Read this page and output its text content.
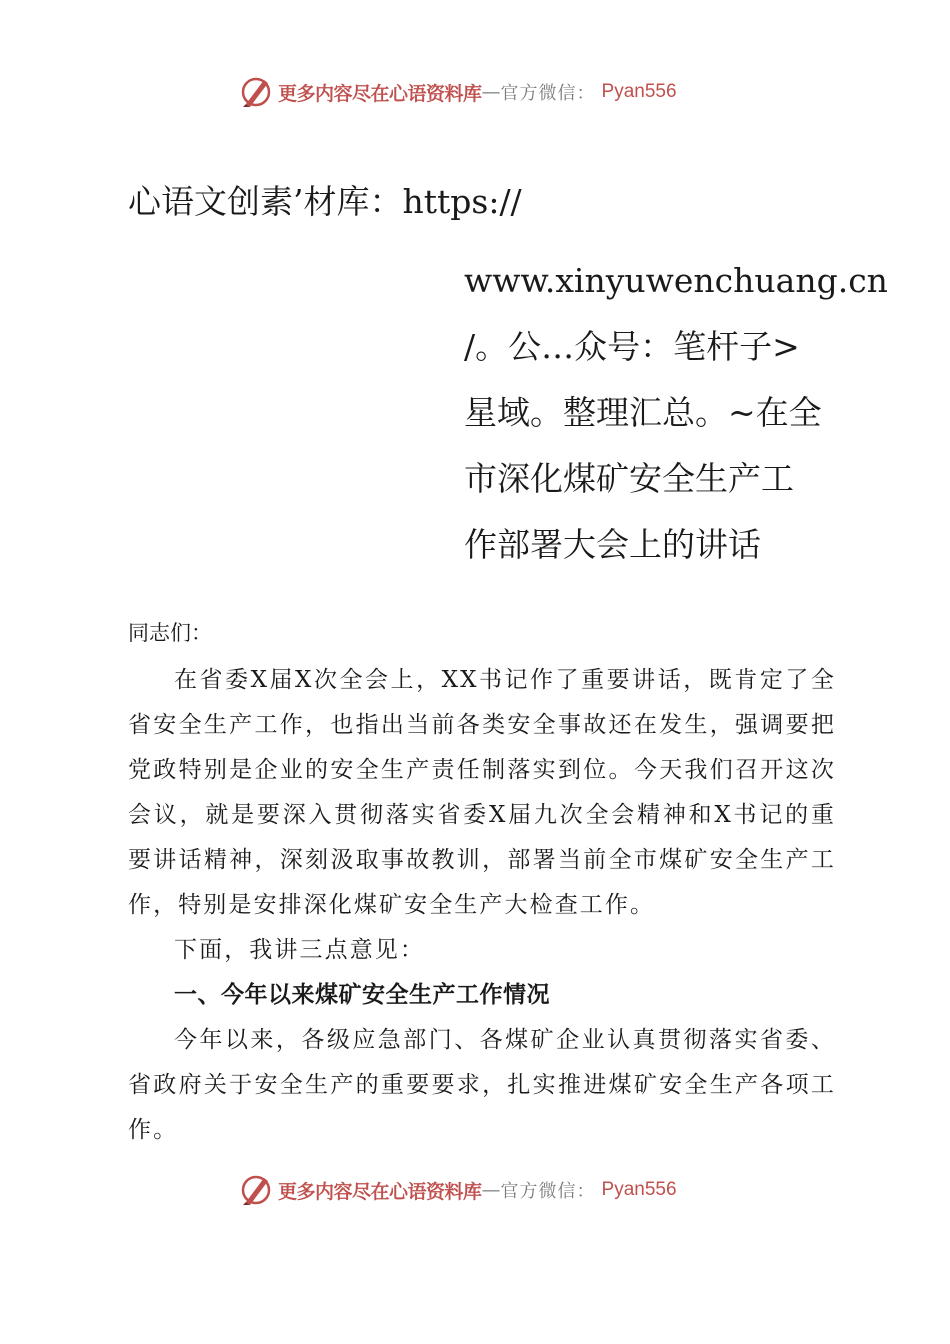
更多内容尽在心语资料库 — 官方微信： Pyan556
心语文创素’材库：https://
www.xinyuwenchuang.cn
/。公…众号：笔杆子>
星域。整理汇总。~在全
市深化煤矿安全生产工
作部署大会上的讲话
同志们：

在省委X届X次全会上，XX书记作了重要讲话，既肯定了全省安全生产工作，也指出当前各类安全事故还在发生，强调要把党政特别是企业的安全生产责任制落实到位。今天我们召开这次会议，就是要深入贯彻落实省委X届九次全会精神和X书记的重要讲话精神，深刻汲取事故教训，部署当前全市煤矿安全生产工作，特别是安排深化煤矿安全生产大检查工作。

下面，我讲三点意见：

一、今年以来煤矿安全生产工作情况

今年以来，各级应急部门、各煤矿企业认真贯彻落实省委、省政府关于安全生产的重要要求，扎实推进煤矿安全生产各项工作。

更多内容尽在心语资料库 — 官方微信： Pyan556
